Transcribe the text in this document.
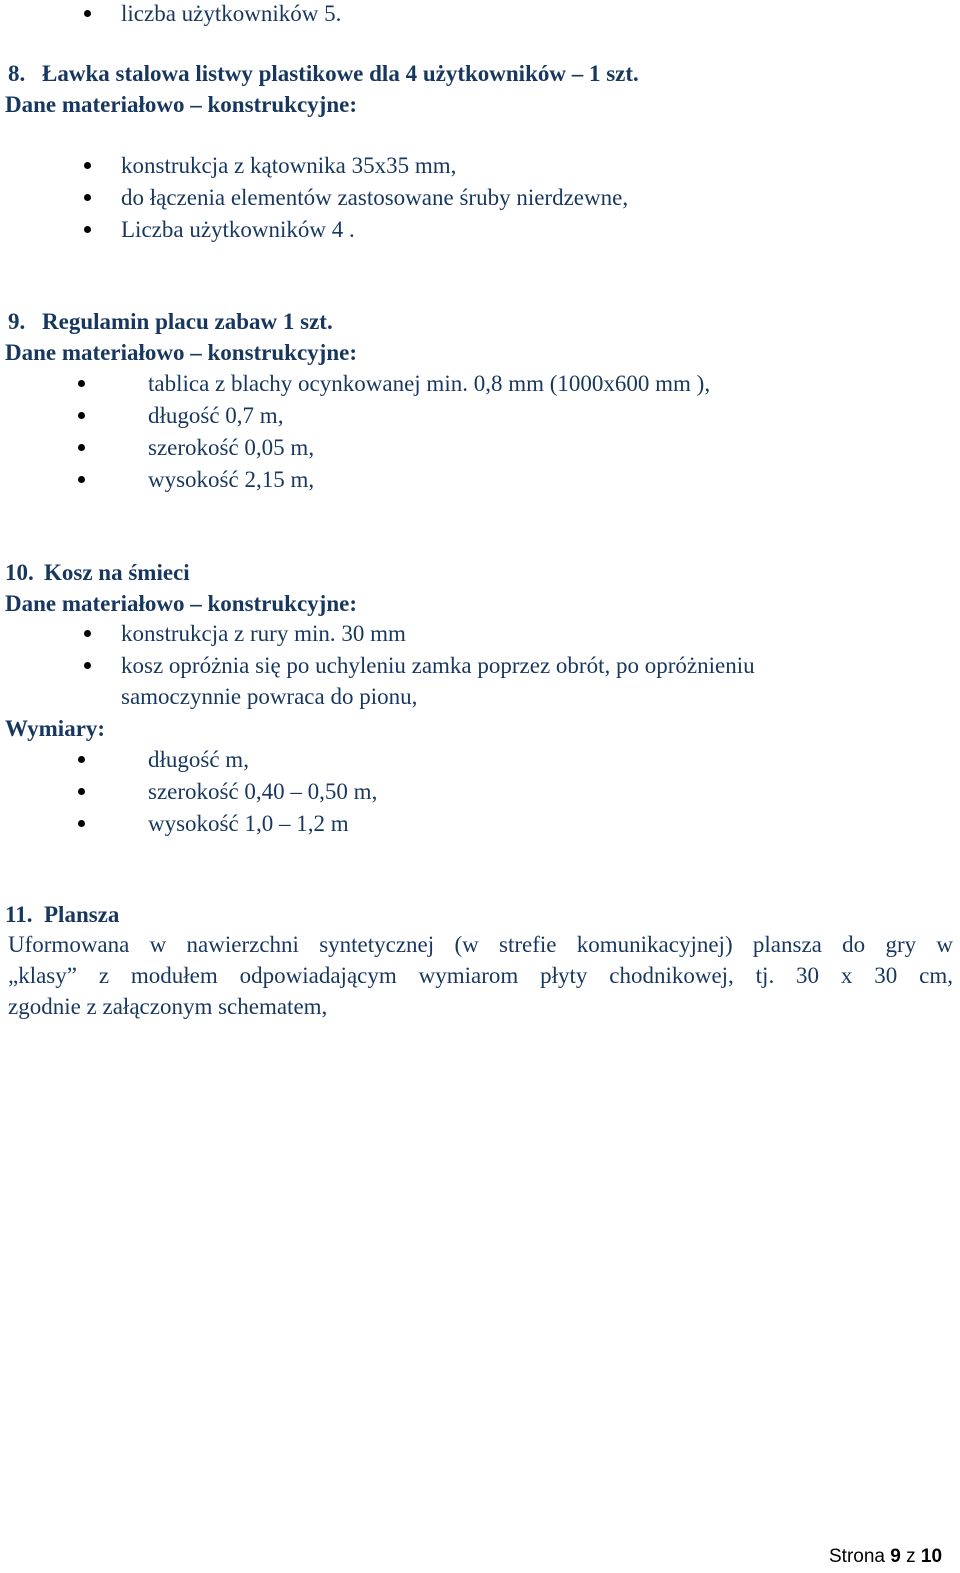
liczba użytkowników 5.
8. Ławka stalowa listwy plastikowe dla 4 użytkowników – 1 szt.
Dane materiałowo – konstrukcyjne:
konstrukcja z kątownika 35x35 mm,
do łączenia elementów zastosowane śruby nierdzewne,
Liczba użytkowników 4 .
9. Regulamin placu zabaw 1 szt.
Dane materiałowo – konstrukcyjne:
tablica z blachy ocynkowanej min. 0,8 mm (1000x600 mm ),
długość 0,7 m,
szerokość 0,05 m,
wysokość 2,15 m,
10. Kosz na śmieci
Dane materiałowo – konstrukcyjne:
konstrukcja z rury min. 30 mm
kosz opróżnia się po uchyleniu zamka poprzez obrót, po opróżnieniu
samoczynnie powraca do pionu,
Wymiary:
długość m,
szerokość 0,40 – 0,50 m,
wysokość 1,0 – 1,2 m
11. Plansza
Uformowana w nawierzchni syntetycznej (w strefie komunikacyjnej) plansza do gry w
„klasy” z modułem odpowiadającym wymiarom płyty chodnikowej, tj. 30 x 30 cm,
zgodnie z załączonym schematem,
Strona 9 z 10
